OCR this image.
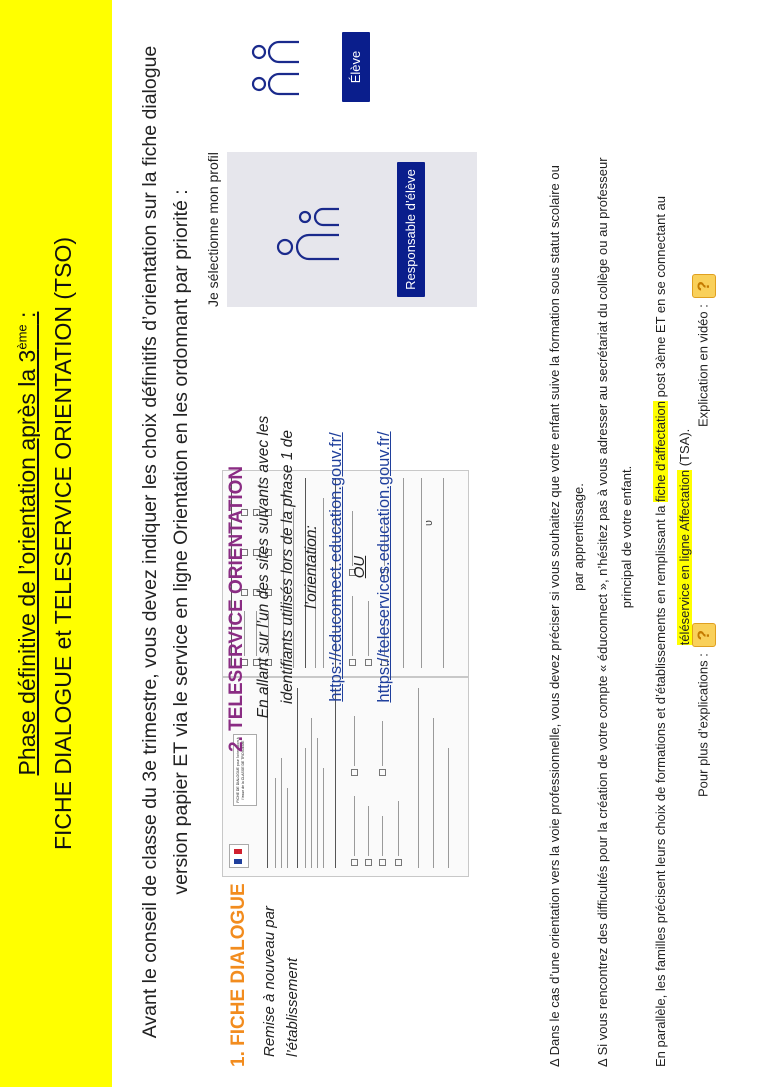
Phase définitive de l’orientation après la 3ème : FICHE DIALOGUE et TELESERVICE ORIENTATION (TSO)	Avant le conseil de classe du 3e trimestre, vous devez indiquer les choix définitifs d’orientation sur la fiche dialogue version papier ET via le service en ligne Orientation en les ordonnant par priorité :
1. FICHE DIALOGUE Remise à nouveau par l’établissement
FICHE DE DIALOGUE pour l’orientation à l’issue de la CLASSE DE TROISIEME
ʋ
2. TELESERVICE ORIENTATION En allant sur l’un des sites suivants avec les identifiants utilisés lors de la phase 1 de l’orientation: https://educonnect.education.gouv.fr/ OU https://teleservices.education.gouv.fr/
Je sélectionne mon profil	Responsable d’élève
Élève

Δ Dans le cas d’une orientation vers la voie professionnelle, vous devez préciser si vous souhaitez que votre enfant suive la formation sous statut scolaire ou par apprentissage. Δ Si vous rencontrez des difficultés pour la création de votre compte « éduconnect », n’hésitez pas à vous adresser au secrétariat du collège ou au professeur principal de votre enfant. En parallèle, les familles précisent leurs choix de formations et d’établissements en remplissant la fiche d’affectation post 3ème ET en se connectant au

téléservice en ligne Affectation (TSA).

Pour plus d’explications :?
Explication en vidéo :?
